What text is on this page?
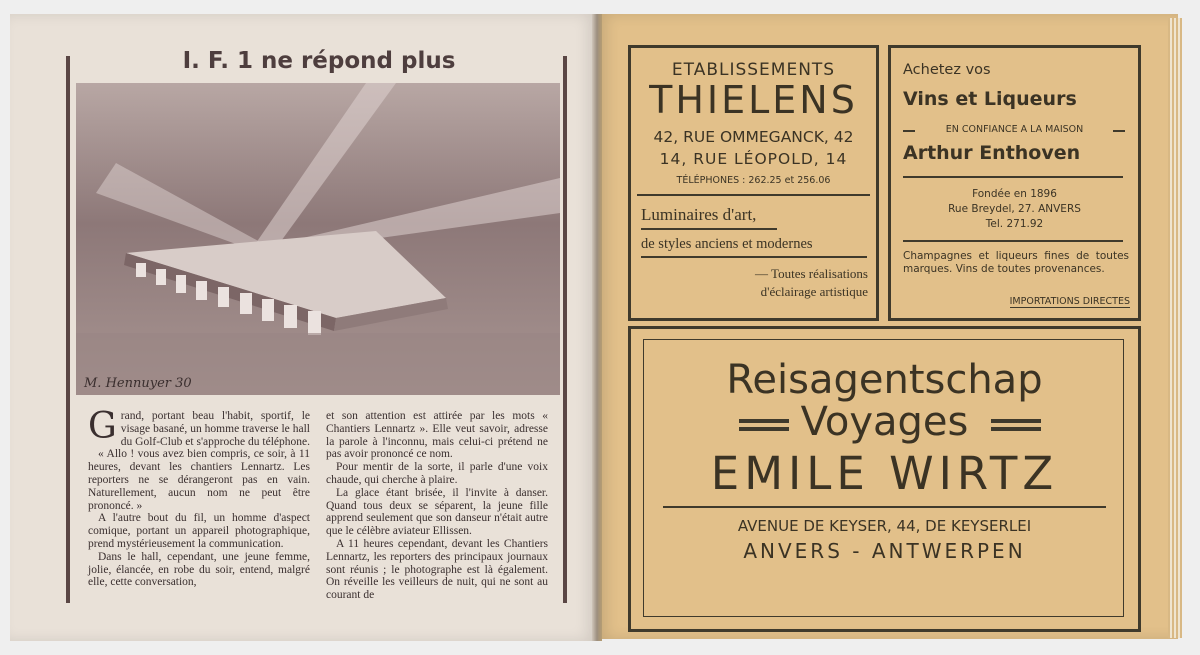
I. F. 1 ne répond plus
M. Hennuyer 30

Grand, portant beau l'habit, sportif, le visage basané, un homme traverse le hall du Golf-Club et s'approche du téléphone.

« Allo ! vous avez bien compris, ce soir, à 11 heures, devant les chantiers Lennartz. Les reporters ne se dérangeront pas en vain. Naturellement, aucun nom ne peut être prononcé. »

A l'autre bout du fil, un homme d'aspect comique, portant un appareil photographique, prend mystérieusement la communication.

Dans le hall, cependant, une jeune femme, jolie, élancée, en robe du soir, entend, malgré elle, cette conversation,

et son attention est attirée par les mots « Chantiers Lennartz ». Elle veut savoir, adresse la parole à l'inconnu, mais celui-ci prétend ne pas avoir prononcé ce nom.

Pour mentir de la sorte, il parle d'une voix chaude, qui cherche à plaire.

La glace étant brisée, il l'invite à danser. Quand tous deux se séparent, la jeune fille apprend seulement que son danseur n'était autre que le célèbre aviateur Ellissen.

A 11 heures cependant, devant les Chantiers Lennartz, les reporters des principaux journaux sont réunis ; le photographe est là également. On réveille les veilleurs de nuit, qui ne sont au courant de

ETABLISSEMENTS
THIELENS
42, RUE OMMEGANCK, 42
14, RUE LÉOPOLD, 14
TÉLÉPHONES : 262.25 et 256.06
Luminaires d'art,
de styles anciens et modernes
— Toutes réalisations
d'éclairage artistique
Achetez vos
Vins et Liqueurs
EN CONFIANCE A LA MAISON
Arthur Enthoven
Fondée en 1896
Rue Breydel, 27. ANVERS
Tel. 271.92
Champagnes et liqueurs fines de toutes marques. Vins de toutes provenances.
IMPORTATIONS DIRECTES
Reisagentschap
Voyages
EMILE WIRTZ
AVENUE DE KEYSER, 44, DE KEYSERLEI
ANVERS - ANTWERPEN
